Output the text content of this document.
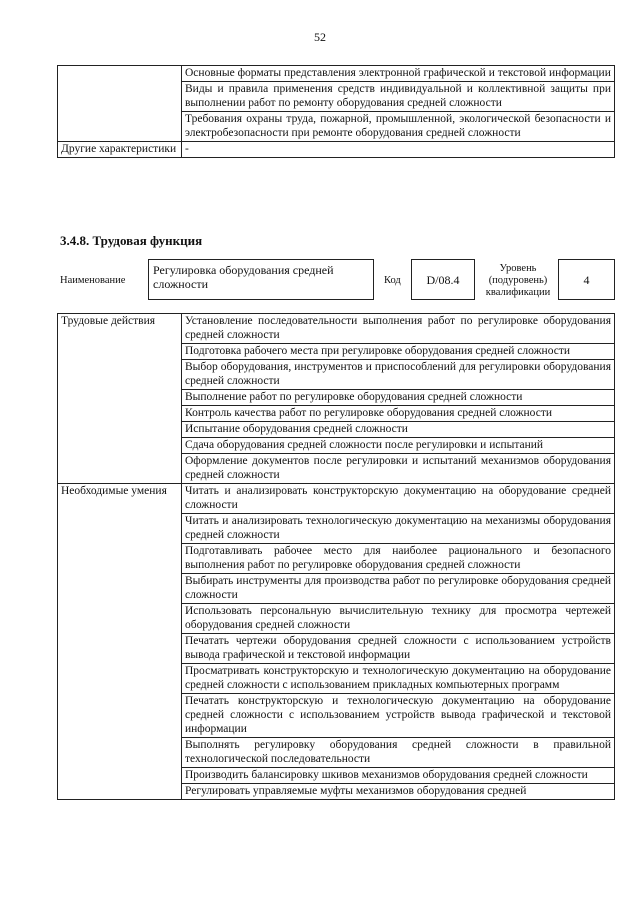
52
	Основные форматы представления электронной графической и текстовой информации
	Виды и правила применения средств индивидуальной и коллективной защиты при выполнении работ по ремонту оборудования средней сложности
	Требования охраны труда, пожарной, промышленной, экологической безопасности и электробезопасности при ремонте оборудования средней сложности
Другие характеристики	-
3.4.8. Трудовая функция
Наименование
Регулировка оборудования средней сложности	Код D/08.4
Уровень (подуровень) квалификации
4
Трудовые действия	Установление последовательности выполнения работ по регулировке оборудования средней сложности
	Подготовка рабочего места при регулировке оборудования средней сложности
	Выбор оборудования, инструментов и приспособлений для регулировки оборудования средней сложности
	Выполнение работ по регулировке оборудования средней сложности
	Контроль качества работ по регулировке оборудования средней сложности
	Испытание оборудования средней сложности
	Сдача оборудования средней сложности после регулировки и испытаний
	Оформление документов после регулировки и испытаний механизмов оборудования средней сложности
Необходимые умения	Читать и анализировать конструкторскую документацию на оборудование средней сложности
	Читать и анализировать технологическую документацию на механизмы оборудования средней сложности
	Подготавливать рабочее место для наиболее рационального и безопасного выполнения работ по регулировке оборудования средней сложности
	Выбирать инструменты для производства работ по регулировке оборудования средней сложности
	Использовать персональную вычислительную технику для просмотра чертежей оборудования средней сложности
	Печатать чертежи оборудования средней сложности с использованием устройств вывода графической и текстовой информации
	Просматривать конструкторскую и технологическую документацию на оборудование средней сложности с использованием прикладных компьютерных программ
	Печатать конструкторскую и технологическую документацию на оборудование средней сложности с использованием устройств вывода графической и текстовой информации
	Выполнять регулировку оборудования средней сложности в правильной технологической последовательности
	Производить балансировку шкивов механизмов оборудования средней сложности
	Регулировать управляемые муфты механизмов оборудования средней
